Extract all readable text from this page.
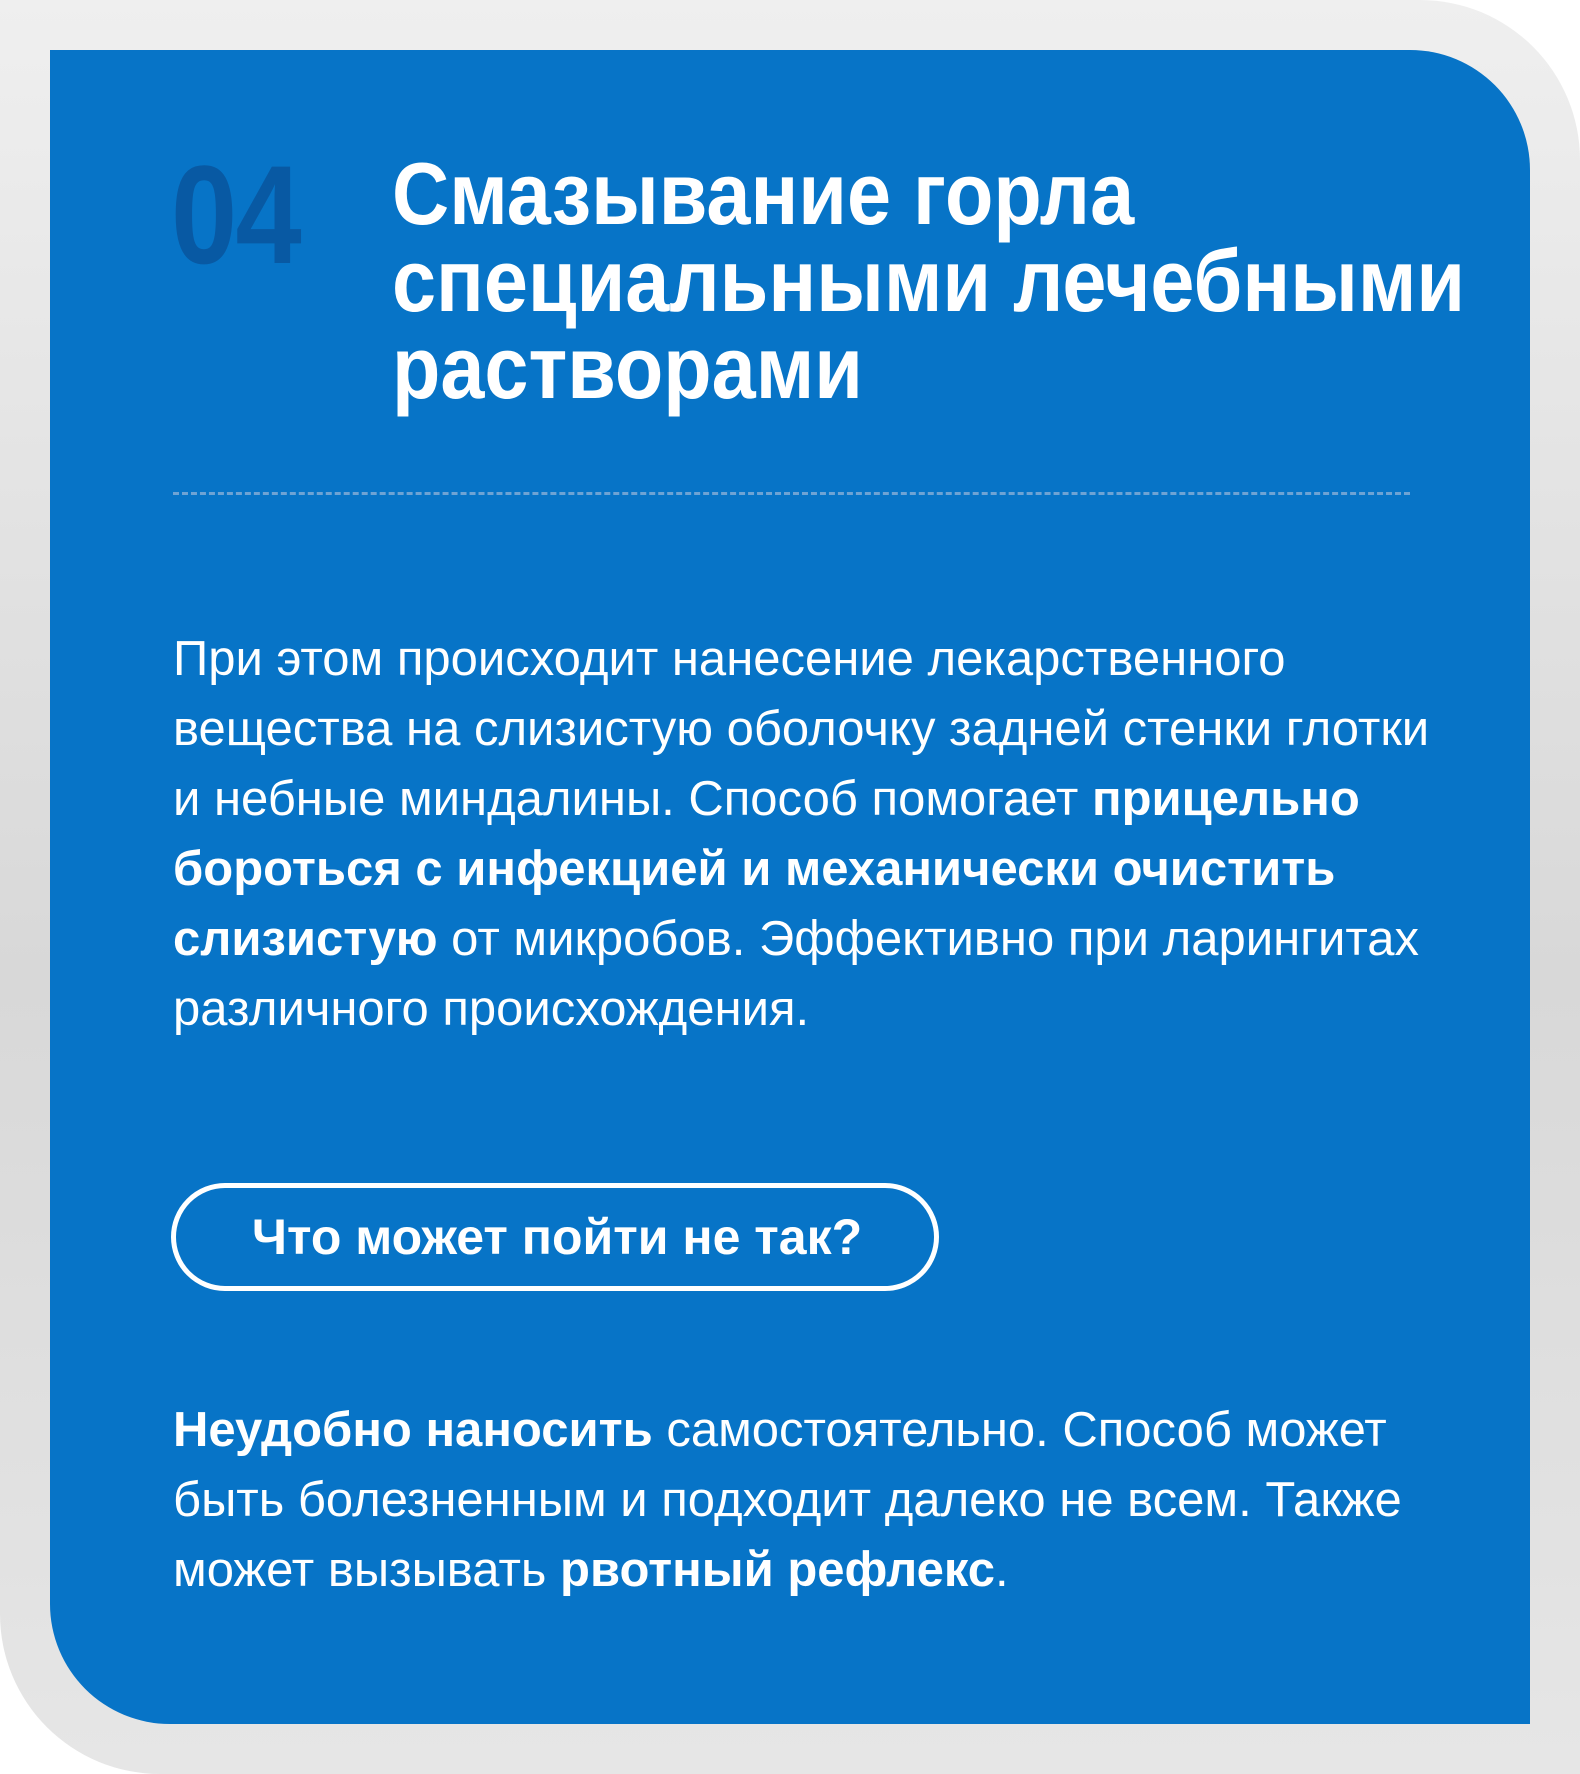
04 Смазывание горла
специальными лечебными
растворами

При этом происходит нанесение лекарственного вещества на слизистую оболочку задней стенки глотки и небные миндалины. Способ помогает прицельно бороться с инфекцией и механически очистить слизистую от микробов. Эффективно при ларингитах различного происхождения.

Что может пойти не так?

Неудобно наносить самостоятельно. Способ может быть болезненным и подходит далеко не всем. Также может вызывать рвотный рефлекс.
